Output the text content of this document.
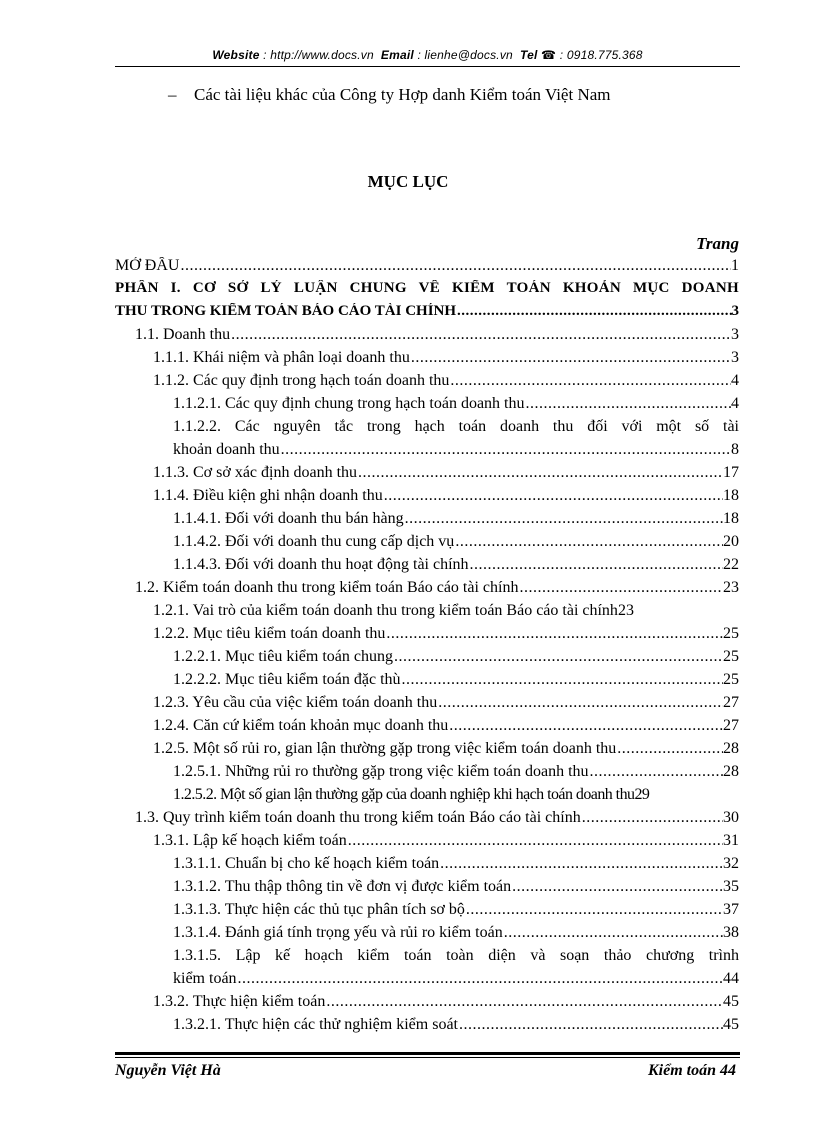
Website : http://www.docs.vn Email : lienhe@docs.vn Tel ☎ : 0918.775.368
– Các tài liệu khác của Công ty Hợp danh Kiểm toán Việt Nam
MỤC LỤC
Trang
MỞ ĐẦU .....	1
PHẦN I. CƠ SỞ LÝ LUẬN CHUNG VỀ KIỂM TOÁN KHOẢN MỤC DOANH
THU TRONG KIỂM TOÁN BÁO CÁO TÀI CHÍNH .....	3
1.1. Doanh thu .....	3
1.1.1. Khái niệm và phân loại doanh thu .....	3
1.1.2. Các quy định trong hạch toán doanh thu .....	4
1.1.2.1. Các quy định chung trong hạch toán doanh thu .....	4
1.1.2.2. Các nguyên tắc trong hạch toán doanh thu đối với một số tài
khoản doanh thu .....	8
1.1.3. Cơ sở xác định doanh thu .....	17
1.1.4. Điều kiện ghi nhận doanh thu .....	18
1.1.4.1. Đối với doanh thu bán hàng .....	18
1.1.4.2. Đối với doanh thu cung cấp dịch vụ .....	20
1.1.4.3. Đối với doanh thu hoạt động tài chính .....	22
1.2. Kiểm toán doanh thu trong kiểm toán Báo cáo tài chính .....	23
1.2.1. Vai trò của kiểm toán doanh thu trong kiểm toán Báo cáo tài chính 23
1.2.2. Mục tiêu kiểm toán doanh thu .....	25
1.2.2.1. Mục tiêu kiểm toán chung .....	25
1.2.2.2. Mục tiêu kiểm toán đặc thù .....	25
1.2.3. Yêu cầu của việc kiểm toán doanh thu .....	27
1.2.4. Căn cứ kiểm toán khoản mục doanh thu .....	27
1.2.5. Một số rủi ro, gian lận thường gặp trong việc kiểm toán doanh thu .....	28
1.2.5.1. Những rủi ro thường gặp trong việc kiểm toán doanh thu .....	28
1.2.5.2. Một số gian lận thường gặp của doanh nghiệp khi hạch toán doanh thu 29
1.3. Quy trình kiểm toán doanh thu trong kiểm toán Báo cáo tài chính .....	30
1.3.1. Lập kế hoạch kiểm toán .....	31
1.3.1.1. Chuẩn bị cho kế hoạch kiểm toán .....	32
1.3.1.2. Thu thập thông tin về đơn vị được kiểm toán .....	35
1.3.1.3. Thực hiện các thủ tục phân tích sơ bộ .....	37
1.3.1.4. Đánh giá tính trọng yếu và rủi ro kiểm toán .....	38
1.3.1.5. Lập kế hoạch kiểm toán toàn diện và soạn thảo chương trình
kiểm toán .....	44
1.3.2. Thực hiện kiểm toán .....	45
1.3.2.1. Thực hiện các thử nghiệm kiểm soát .....	45
Nguyễn Việt Hà	Kiểm toán 44
